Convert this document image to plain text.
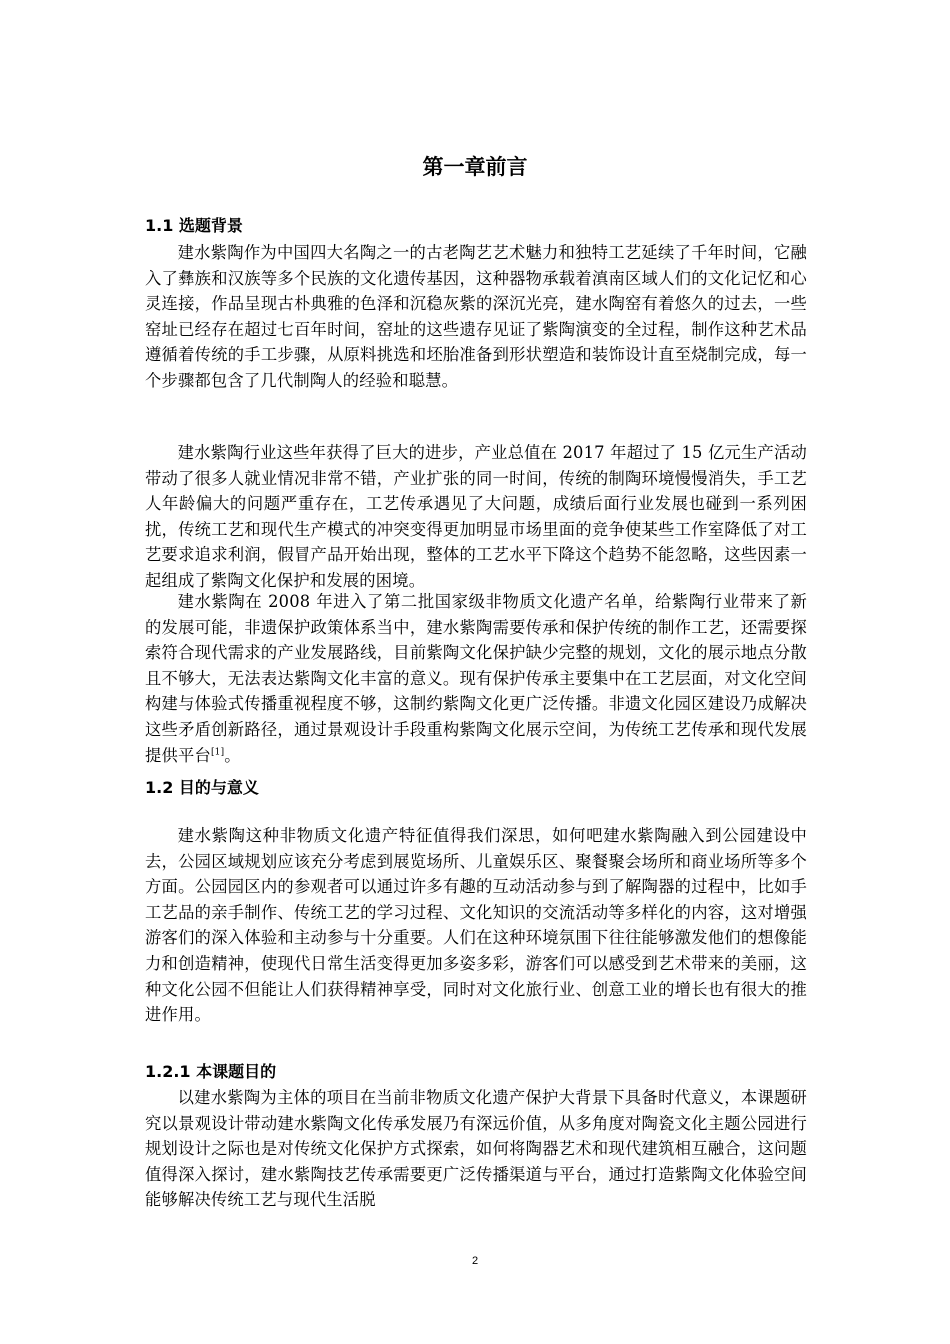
第一章前言
1.1 选题背景

建水紫陶作为中国四大名陶之一的古老陶艺艺术魅力和独特工艺延续了千年时间，它融入了彝族和汉族等多个民族的文化遗传基因，这种器物承载着滇南区域人们的文化记忆和心灵连接，作品呈现古朴典雅的色泽和沉稳灰紫的深沉光亮，建水陶窑有着悠久的过去，一些窑址已经存在超过七百年时间，窑址的这些遗存见证了紫陶演变的全过程，制作这种艺术品遵循着传统的手工步骤，从原料挑选和坯胎准备到形状塑造和装饰设计直至烧制完成，每一个步骤都包含了几代制陶人的经验和聪慧。

建水紫陶行业这些年获得了巨大的进步，产业总值在 2017 年超过了 15 亿元生产活动带动了很多人就业情况非常不错，产业扩张的同一时间，传统的制陶环境慢慢消失，手工艺人年龄偏大的问题严重存在，工艺传承遇见了大问题，成绩后面行业发展也碰到一系列困扰，传统工艺和现代生产模式的冲突变得更加明显市场里面的竞争使某些工作室降低了对工艺要求追求利润，假冒产品开始出现，整体的工艺水平下降这个趋势不能忽略，这些因素一起组成了紫陶文化保护和发展的困境。

建水紫陶在 2008 年进入了第二批国家级非物质文化遗产名单，给紫陶行业带来了新的发展可能，非遗保护政策体系当中，建水紫陶需要传承和保护传统的制作工艺，还需要探索符合现代需求的产业发展路线，目前紫陶文化保护缺少完整的规划，文化的展示地点分散且不够大，无法表达紫陶文化丰富的意义。现有保护传承主要集中在工艺层面，对文化空间构建与体验式传播重视程度不够，这制约紫陶文化更广泛传播。非遗文化园区建设乃成解决这些矛盾创新路径，通过景观设计手段重构紫陶文化展示空间，为传统工艺传承和现代发展提供平台[1]。

1.2 目的与意义

建水紫陶这种非物质文化遗产特征值得我们深思，如何吧建水紫陶融入到公园建设中去，公园区域规划应该充分考虑到展览场所、儿童娱乐区、聚餐聚会场所和商业场所等多个方面。公园园区内的参观者可以通过许多有趣的互动活动参与到了解陶器的过程中，比如手工艺品的亲手制作、传统工艺的学习过程、文化知识的交流活动等多样化的内容，这对增强游客们的深入体验和主动参与十分重要。人们在这种环境氛围下往往能够激发他们的想像能力和创造精神，使现代日常生活变得更加多姿多彩，游客们可以感受到艺术带来的美丽，这种文化公园不但能让人们获得精神享受，同时对文化旅行业、创意工业的增长也有很大的推进作用。

1.2.1 本课题目的

以建水紫陶为主体的项目在当前非物质文化遗产保护大背景下具备时代意义，本课题研究以景观设计带动建水紫陶文化传承发展乃有深远价值，从多角度对陶瓷文化主题公园进行规划设计之际也是对传统文化保护方式探索，如何将陶器艺术和现代建筑相互融合，这问题值得深入探讨，建水紫陶技艺传承需要更广泛传播渠道与平台，通过打造紫陶文化体验空间能够解决传统工艺与现代生活脱

2
